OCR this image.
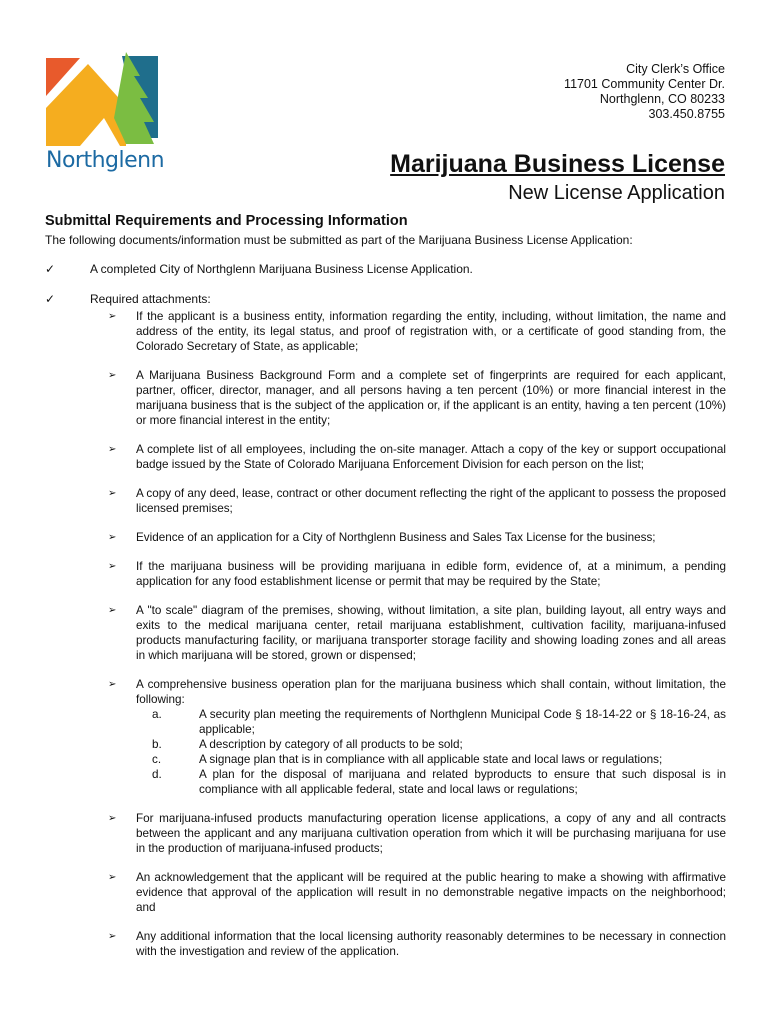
Northglenn
City Clerk’s Office
11701 Community Center Dr.
Northglenn, CO 80233
303.450.8755
Marijuana Business License
New License Application
Submittal Requirements and Processing Information
The following documents/information must be submitted as part of the Marijuana Business License Application:
✓	A completed City of Northglenn Marijuana Business License Application.
✓	Required attachments:

➢ If the applicant is a business entity, information regarding the entity, including, without limitation, the name and address of the entity, its legal status, and proof of registration with, or a certificate of good standing from, the Colorado Secretary of State, as applicable;

➢ A Marijuana Business Background Form and a complete set of fingerprints are required for each applicant, partner, officer, director, manager, and all persons having a ten percent (10%) or more financial interest in the marijuana business that is the subject of the application or, if the applicant is an entity, having a ten percent (10%) or more financial interest in the entity;

➢ A complete list of all employees, including the on-site manager. Attach a copy of the key or support occupational badge issued by the State of Colorado Marijuana Enforcement Division for each person on the list;

➢ A copy of any deed, lease, contract or other document reflecting the right of the applicant to possess the proposed licensed premises;

➢ Evidence of an application for a City of Northglenn Business and Sales Tax License for the business;

➢ If the marijuana business will be providing marijuana in edible form, evidence of, at a minimum, a pending application for any food establishment license or permit that may be required by the State;

➢ A "to scale" diagram of the premises, showing, without limitation, a site plan, building layout, all entry ways and exits to the medical marijuana center, retail marijuana establishment, cultivation facility, marijuana-infused products manufacturing facility, or marijuana transporter storage facility and showing loading zones and all areas in which marijuana will be stored, grown or dispensed;

➢ A comprehensive business operation plan for the marijuana business which shall contain, without limitation, the following:
a.	A security plan meeting the requirements of Northglenn Municipal Code § 18-14-22 or § 18-16-24, as applicable;
b.	A description by category of all products to be sold;
c.	A signage plan that is in compliance with all applicable state and local laws or regulations;
d.	A plan for the disposal of marijuana and related byproducts to ensure that such disposal is in compliance with all applicable federal, state and local laws or regulations;

➢ For marijuana-infused products manufacturing operation license applications, a copy of any and all contracts between the applicant and any marijuana cultivation operation from which it will be purchasing marijuana for use in the production of marijuana-infused products;

➢ An acknowledgement that the applicant will be required at the public hearing to make a showing with affirmative evidence that approval of the application will result in no demonstrable negative impacts on the neighborhood; and

➢ Any additional information that the local licensing authority reasonably determines to be necessary in connection with the investigation and review of the application.
